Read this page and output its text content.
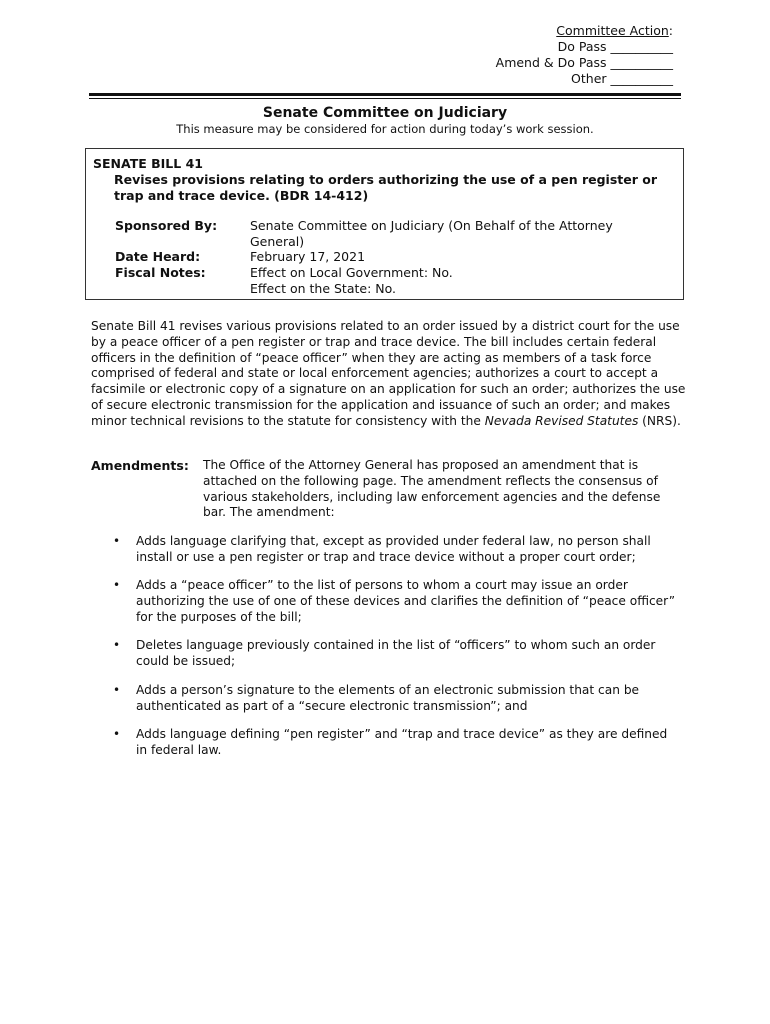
Committee Action:
Do Pass __________
Amend & Do Pass __________
Other __________
Senate Committee on Judiciary
This measure may be considered for action during today’s work session.
SENATE BILL 41
Revises provisions relating to orders authorizing the use of a pen register or trap and trace device. (BDR 14-412)
Sponsored By:	Senate Committee on Judiciary (On Behalf of the Attorney General)
Date Heard:	February 17, 2021
Fiscal Notes:	Effect on Local Government: No.
Effect on the State: No.
Senate Bill 41 revises various provisions related to an order issued by a district court for the use by a peace officer of a pen register or trap and trace device. The bill includes certain federal officers in the definition of “peace officer” when they are acting as members of a task force comprised of federal and state or local enforcement agencies; authorizes a court to accept a facsimile or electronic copy of a signature on an application for such an order; authorizes the use of secure electronic transmission for the application and issuance of such an order; and makes minor technical revisions to the statute for consistency with the Nevada Revised Statutes (NRS).
Amendments: The Office of the Attorney General has proposed an amendment that is attached on the following page. The amendment reflects the consensus of various stakeholders, including law enforcement agencies and the defense bar. The amendment:
• Adds language clarifying that, except as provided under federal law, no person shall install or use a pen register or trap and trace device without a proper court order;
• Adds a “peace officer” to the list of persons to whom a court may issue an order authorizing the use of one of these devices and clarifies the definition of “peace officer” for the purposes of the bill;
• Deletes language previously contained in the list of “officers” to whom such an order could be issued;
• Adds a person’s signature to the elements of an electronic submission that can be authenticated as part of a “secure electronic transmission”; and
• Adds language defining “pen register” and “trap and trace device” as they are defined in federal law.
